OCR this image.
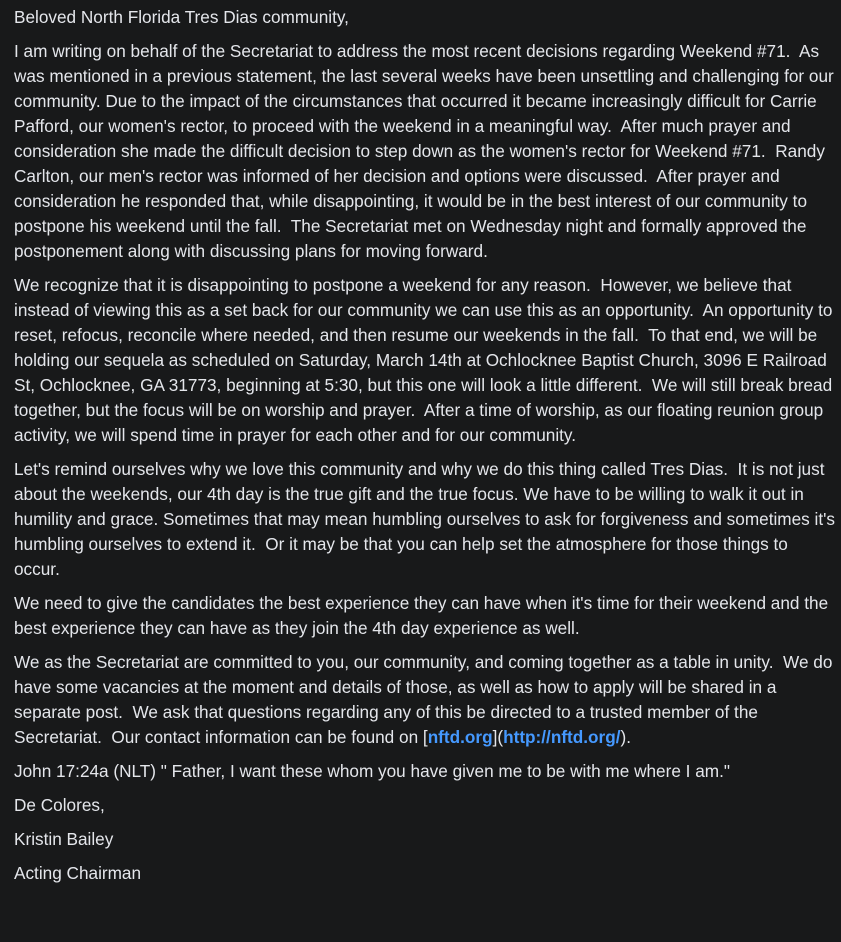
Beloved North Florida Tres Dias community,

I am writing on behalf of the Secretariat to address the most recent decisions regarding Weekend #71.  As was mentioned in a previous statement, the last several weeks have been unsettling and challenging for our community. Due to the impact of the circumstances that occurred it became increasingly difficult for Carrie Pafford, our women's rector, to proceed with the weekend in a meaningful way.  After much prayer and consideration she made the difficult decision to step down as the women's rector for Weekend #71.  Randy Carlton, our men's rector was informed of her decision and options were discussed.  After prayer and consideration he responded that, while disappointing, it would be in the best interest of our community to postpone his weekend until the fall.  The Secretariat met on Wednesday night and formally approved the postponement along with discussing plans for moving forward.

We recognize that it is disappointing to postpone a weekend for any reason.  However, we believe that instead of viewing this as a set back for our community we can use this as an opportunity.  An opportunity to reset, refocus, reconcile where needed, and then resume our weekends in the fall.  To that end, we will be holding our sequela as scheduled on Saturday, March 14th at Ochlocknee Baptist Church, 3096 E Railroad St, Ochlocknee, GA 31773, beginning at 5:30, but this one will look a little different.  We will still break bread together, but the focus will be on worship and prayer.  After a time of worship, as our floating reunion group activity, we will spend time in prayer for each other and for our community.

Let's remind ourselves why we love this community and why we do this thing called Tres Dias.  It is not just about the weekends, our 4th day is the true gift and the true focus. We have to be willing to walk it out in humility and grace. Sometimes that may mean humbling ourselves to ask for forgiveness and sometimes it's humbling ourselves to extend it.  Or it may be that you can help set the atmosphere for those things to occur.

We need to give the candidates the best experience they can have when it's time for their weekend and the best experience they can have as they join the 4th day experience as well.

We as the Secretariat are committed to you, our community, and coming together as a table in unity.  We do have some vacancies at the moment and details of those, as well as how to apply will be shared in a separate post.  We ask that questions regarding any of this be directed to a trusted member of the Secretariat.  Our contact information can be found on [nftd.org](http://nftd.org/).

John 17:24a (NLT) " Father, I want these whom you have given me to be with me where I am."

De Colores,

Kristin Bailey

Acting Chairman
